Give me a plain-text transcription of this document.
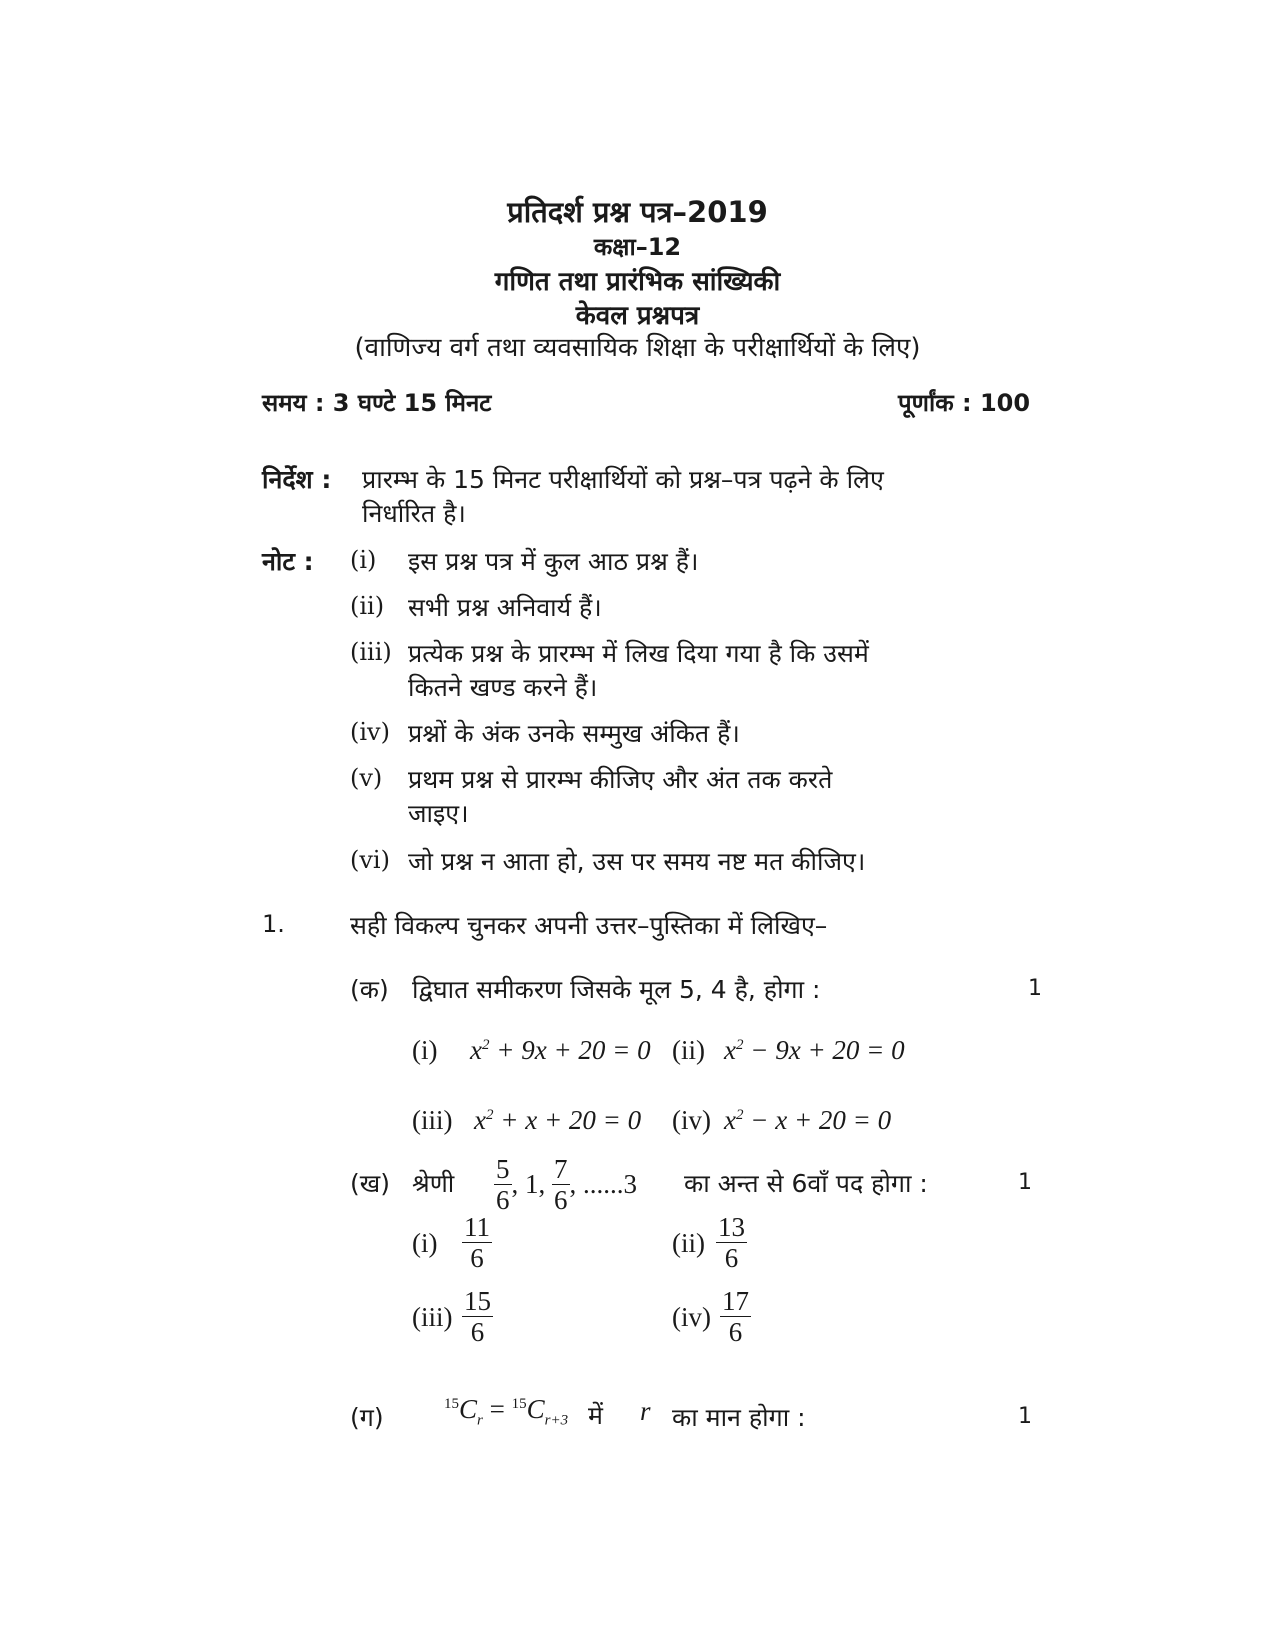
प्रतिदर्श प्रश्न पत्र–2019
कक्षा–12
गणित तथा प्रारंभिक सांख्यिकी
केवल प्रश्नपत्र
(वाणिज्य वर्ग तथा व्यवसायिक शिक्षा के परीक्षार्थियों के लिए)
समय : 3 घण्टे 15 मिनट	पूर्णांक : 100
निर्देश : प्रारम्भ के 15 मिनट परीक्षार्थियों को प्रश्न–पत्र पढ़ने के लिए
निर्धारित है।
नोट : (i) इस प्रश्न पत्र में कुल आठ प्रश्न हैं।
(ii) सभी प्रश्न अनिवार्य हैं।
(iii) प्रत्येक प्रश्न के प्रारम्भ में लिख दिया गया है कि उसमें
कितने खण्ड करने हैं।
(iv) प्रश्नों के अंक उनके सम्मुख अंकित हैं।
(v) प्रथम प्रश्न से प्रारम्भ कीजिए और अंत तक करते
जाइए।
(vi) जो प्रश्न न आता हो, उस पर समय नष्ट मत कीजिए।
1.	सही विकल्प चुनकर अपनी उत्तर–पुस्तिका में लिखिए–
(क) द्विघात समीकरण जिसके मूल 5, 4 है, होगा :	1
(i) $x^2 + 9x + 20 = 0$ (ii) $x^2 - 9x + 20 = 0$
(iii) $x^2 + x + 20 = 0$ (iv) $x^2 - x + 20 = 0$
(ख) श्रेणी $\frac{5}{6}$ , 1, $\frac{7}{6}$ , ......3 का अन्त से 6वाँ पद होगा :	1
$(i) \frac{11}{6}$	$(ii) \frac{13}{6}$
$(iii) \frac{15}{6}$	$(iv) \frac{17}{6}$
(ग)	$^{15}C_r = ^{15}C_{r+3}$ में r का मान होगा :	1
